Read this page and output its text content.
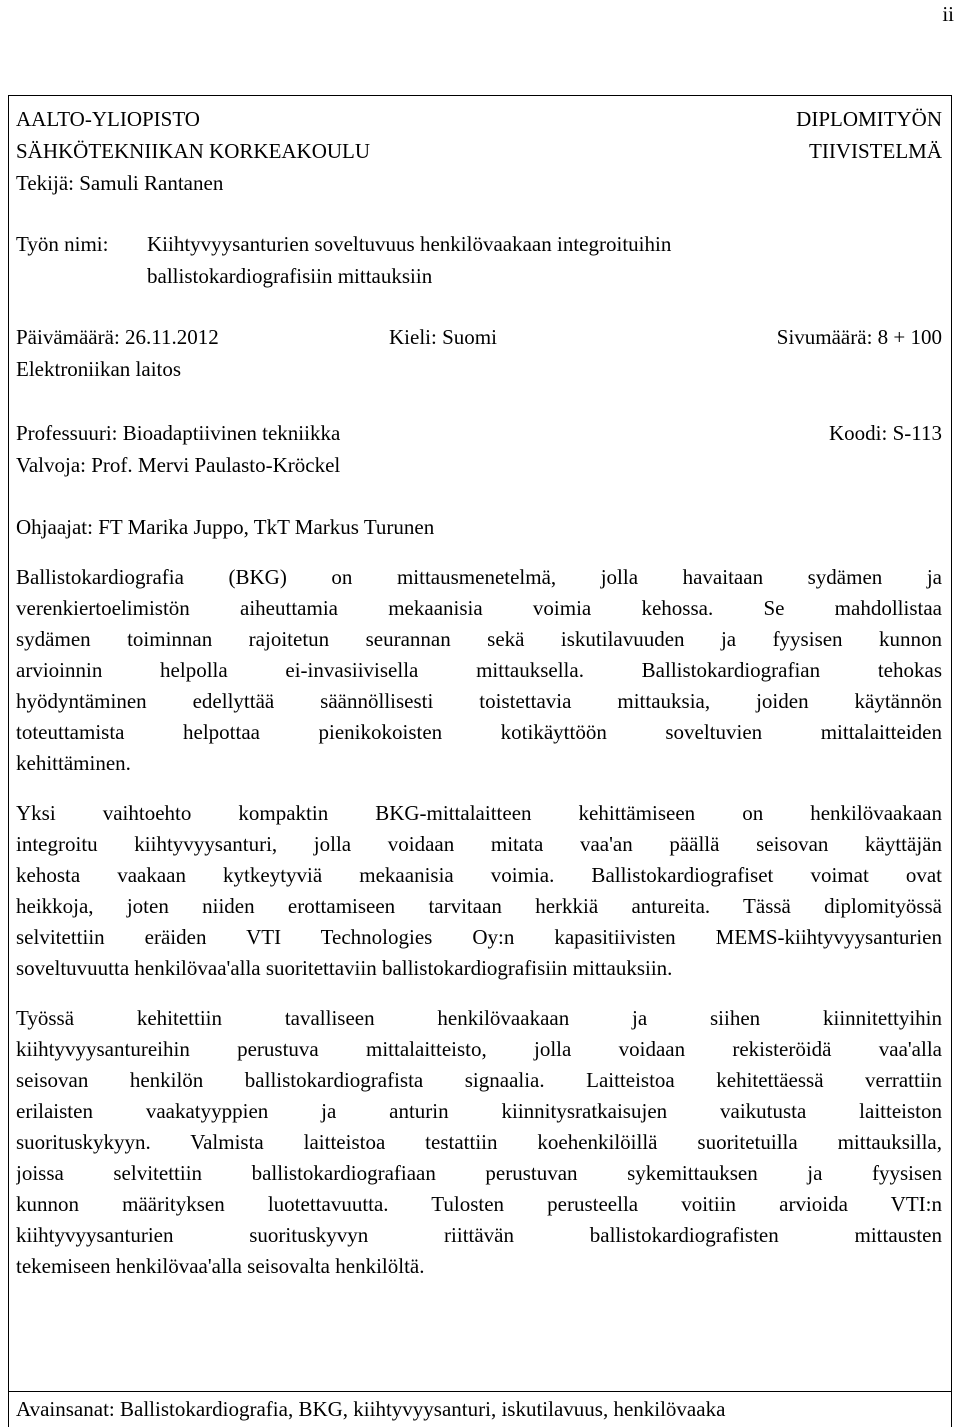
ii
AALTO-YLIOPISTO	DIPLOMITYÖN
SÄHKÖTEKNIIKAN KORKEAKOULU	TIIVISTELMÄ
Tekijä: Samuli Rantanen
Työn nimi: Kiihtyvyysanturien soveltuvuus henkilövaakaan integroituihin
ballistokardiografisiin mittauksiin
Päivämäärä: 26.11.2012	Kieli: Suomi	Sivumäärä: 8 + 100
Elektroniikan laitos
Professuuri: Bioadaptiivinen tekniikka	Koodi: S-113
Valvoja: Prof. Mervi Paulasto-Kröckel
Ohjaajat: FT Marika Juppo, TkT Markus Turunen
Ballistokardiografia (BKG) on mittausmenetelmä, jolla havaitaan sydämen ja
verenkiertoelimistön aiheuttamia mekaanisia voimia kehossa. Se mahdollistaa
sydämen toiminnan rajoitetun seurannan sekä iskutilavuuden ja fyysisen kunnon
arvioinnin helpolla ei-invasiivisella mittauksella. Ballistokardiografian tehokas
hyödyntäminen edellyttää säännöllisesti toistettavia mittauksia, joiden käytännön
toteuttamista helpottaa pienikokoisten kotikäyttöön soveltuvien mittalaitteiden
kehittäminen.
Yksi vaihtoehto kompaktin BKG-mittalaitteen kehittämiseen on henkilövaakaan
integroitu kiihtyvyysanturi, jolla voidaan mitata vaa'an päällä seisovan käyttäjän
kehosta vaakaan kytkeytyviä mekaanisia voimia. Ballistokardiografiset voimat ovat
heikkoja, joten niiden erottamiseen tarvitaan herkkiä antureita. Tässä diplomityössä
selvitettiin eräiden VTI Technologies Oy:n kapasitiivisten MEMS-kiihtyvyysanturien
soveltuvuutta henkilövaa'alla suoritettaviin ballistokardiografisiin mittauksiin.
Työssä kehitettiin tavalliseen henkilövaakaan ja siihen kiinnitettyihin
kiihtyvyysantureihin perustuva mittalaitteisto, jolla voidaan rekisteröidä vaa'alla
seisovan henkilön ballistokardiografista signaalia. Laitteistoa kehitettäessä verrattiin
erilaisten vaakatyyppien ja anturin kiinnitysratkaisujen vaikutusta laitteiston
suorituskykyyn. Valmista laitteistoa testattiin koehenkilöillä suoritetuilla mittauksilla,
joissa selvitettiin ballistokardiografiaan perustuvan sykemittauksen ja fyysisen
kunnon määrityksen luotettavuutta. Tulosten perusteella voitiin arvioida VTI:n
kiihtyvyysanturien suorituskyvyn riittävän ballistokardiografisten mittausten
tekemiseen henkilövaa'alla seisovalta henkilöltä.
Avainsanat: Ballistokardiografia, BKG, kiihtyvyysanturi, iskutilavuus, henkilövaaka
